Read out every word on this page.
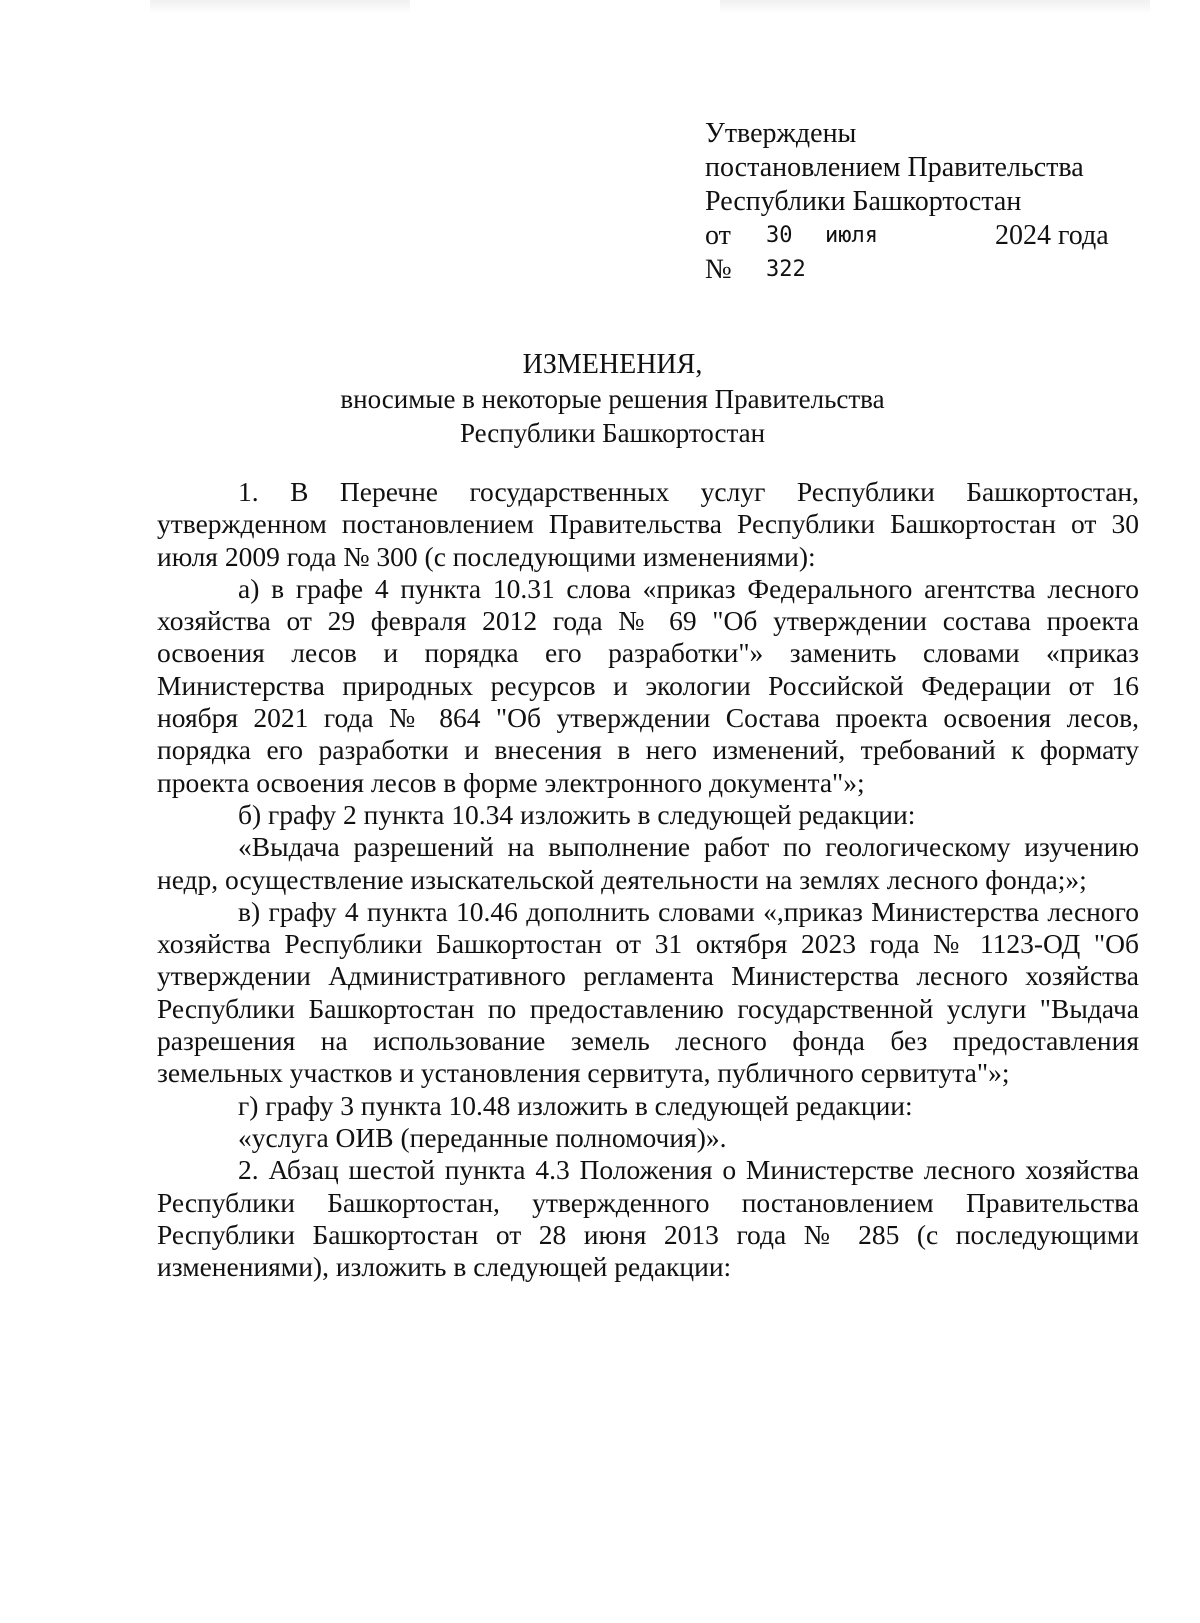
Утверждены
постановлением Правительства
Республики Башкортостан
от 30 июля	2024 года
№ 322
ИЗМЕНЕНИЯ,
вносимые в некоторые решения Правительства
Республики Башкортостан

1. В Перечне государственных услуг Республики Башкортостан, утвержденном постановлением Правительства Республики Башкортостан от 30 июля 2009 года № 300 (с последующими изменениями):

а) в графе 4 пункта 10.31 слова «приказ Федерального агентства лесного хозяйства от 29 февраля 2012 года № 69 "Об утверждении состава проекта освоения лесов и порядка его разработки"» заменить словами «приказ Министерства природных ресурсов и экологии Российской Федерации от 16 ноября 2021 года № 864 "Об утверждении Состава проекта освоения лесов, порядка его разработки и внесения в него изменений, требований к формату проекта освоения лесов в форме электронного документа"»;

б) графу 2 пункта 10.34 изложить в следующей редакции:

«Выдача разрешений на выполнение работ по геологическому изучению недр, осуществление изыскательской деятельности на землях лесного фонда;»;

в) графу 4 пункта 10.46 дополнить словами «,приказ Министерства лесного хозяйства Республики Башкортостан от 31 октября 2023 года № 1123-ОД "Об утверждении Административного регламента Министерства лесного хозяйства Республики Башкортостан по предоставлению государственной услуги "Выдача разрешения на использование земель лесного фонда без предоставления земельных участков и установления сервитута, публичного сервитута"»;

г) графу 3 пункта 10.48 изложить в следующей редакции:

«услуга ОИВ (переданные полномочия)».

2. Абзац шестой пункта 4.3 Положения о Министерстве лесного хозяйства Республики Башкортостан, утвержденного постановлением Правительства Республики Башкортостан от 28 июня 2013 года № 285 (с последующими изменениями), изложить в следующей редакции:
